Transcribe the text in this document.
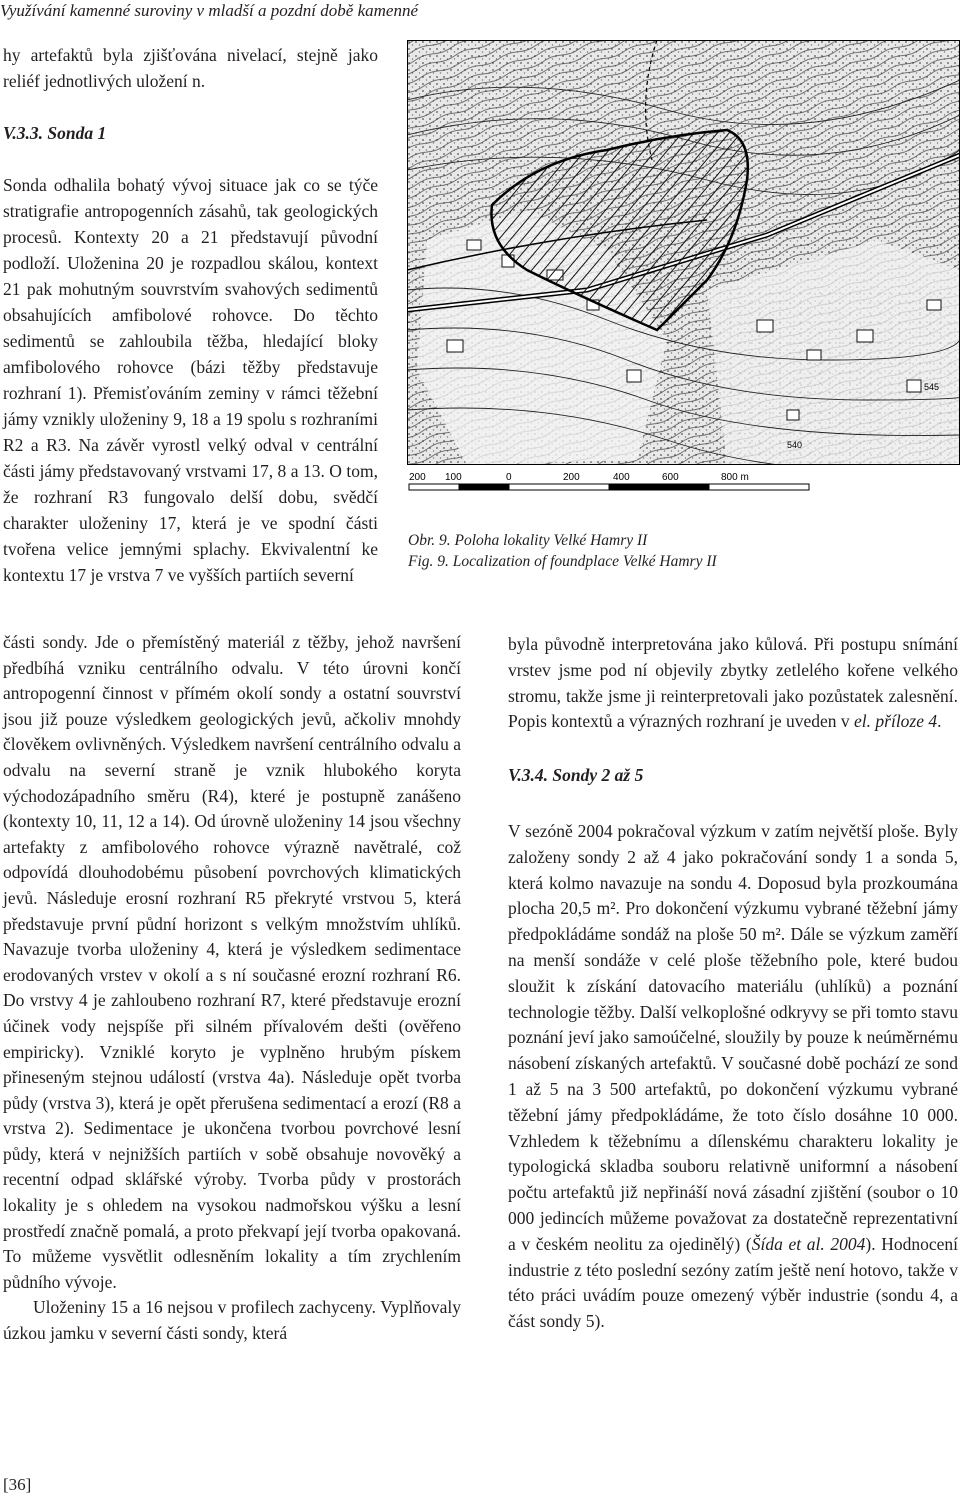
Využívání kamenné suroviny v mladší a pozdní době kamenné

hy artefaktů byla zjišťována nivelací, stejně jako reliéf jednotlivých uložení n.

V.3.3. Sonda 1

Sonda odhalila bohatý vývoj situace jak co se týče stratigrafie antropogenních zásahů, tak geologických procesů. Kontexty 20 a 21 představují původní podloží. Uloženina 20 je rozpadlou skálou, kontext 21 pak mohutným souvrstvím svahových sedimentů obsahujících amfibolové rohovce. Do těchto sedimentů se zahloubila těžba, hledající bloky amfibolového rohovce (bázi těžby představuje rozhraní 1). Přemisťováním zeminy v rámci těžební jámy vznikly uloženiny 9, 18 a 19 spolu s rozhraními R2 a R3. Na závěr vyrostl velký odval v centrální části jámy představovaný vrstvami 17, 8 a 13. O tom, že rozhraní R3 fungovalo delší dobu, svědčí charakter uloženiny 17, která je ve spodní části tvořena velice jemnými splachy. Ekvivalentní ke kontextu 17 je vrstva 7 ve vyšších partiích severní

545
540
200 100	0	200	400	600	800 m
Obr. 9. Poloha lokality Velké Hamry II
Fig. 9. Localization of foundplace Velké Hamry II

části sondy. Jde o přemístěný materiál z těžby, jehož navršení předbíhá vzniku centrálního odvalu. V této úrovni končí antropogenní činnost v přímém okolí sondy a ostatní souvrství jsou již pouze výsledkem geologických jevů, ačkoliv mnohdy člověkem ovlivněných. Výsledkem navršení centrálního odvalu a odvalu na severní straně je vznik hlubokého koryta východozápadního směru (R4), které je postupně zanášeno (kontexty 10, 11, 12 a 14). Od úrovně uloženiny 14 jsou všechny artefakty z amfibolového rohovce výrazně navětralé, což odpovídá dlouhodobému působení povrchových klimatických jevů. Následuje erosní rozhraní R5 překryté vrstvou 5, která představuje první půdní horizont s velkým množstvím uhlíků. Navazuje tvorba uloženiny 4, která je výsledkem sedimentace erodovaných vrstev v okolí a s ní současné erozní rozhraní R6. Do vrstvy 4 je zahloubeno rozhraní R7, které představuje erozní účinek vody nejspíše při silném přívalovém dešti (ověřeno empiricky). Vzniklé koryto je vyplněno hrubým pískem přineseným stejnou událostí (vrstva 4a). Následuje opět tvorba půdy (vrstva 3), která je opět přerušena sedimentací a erozí (R8 a vrstva 2). Sedimentace je ukončena tvorbou povrchové lesní půdy, která v nejnižších partiích v sobě obsahuje novověký a recentní odpad sklářské výroby. Tvorba půdy v prostorách lokality je s ohledem na vysokou nadmořskou výšku a lesní prostředí značně pomalá, a proto překvapí její tvorba opakovaná. To můžeme vysvětlit odlesněním lokality a tím zrychlením půdního vývoje.

Uloženiny 15 a 16 nejsou v profilech zachyceny. Vyplňovaly úzkou jamku v severní části sondy, která

byla původně interpretována jako kůlová. Při postupu snímání vrstev jsme pod ní objevily zbytky zetlelého kořene velkého stromu, takže jsme ji reinterpretovali jako pozůstatek zalesnění. Popis kontextů a výrazných rozhraní je uveden v el. příloze 4.

V.3.4. Sondy 2 až 5

V sezóně 2004 pokračoval výzkum v zatím největší ploše. Byly založeny sondy 2 až 4 jako pokračování sondy 1 a sonda 5, která kolmo navazuje na sondu 4. Doposud byla prozkoumána plocha 20,5 m². Pro dokončení výzkumu vybrané těžební jámy předpokládáme sondáž na ploše 50 m². Dále se výzkum zaměří na menší sondáže v celé ploše těžebního pole, které budou sloužit k získání datovacího materiálu (uhlíků) a poznání technologie těžby. Další velkoplošné odkryvy se při tomto stavu poznání jeví jako samoúčelné, sloužily by pouze k neúměrnému násobení získaných artefaktů. V současné době pochází ze sond 1 až 5 na 3 500 artefaktů, po dokončení výzkumu vybrané těžební jámy předpokládáme, že toto číslo dosáhne 10 000. Vzhledem k těžebnímu a dílenskému charakteru lokality je typologická skladba souboru relativně uniformní a násobení počtu artefaktů již nepřináší nová zásadní zjištění (soubor o 10 000 jedincích můžeme považovat za dostatečně reprezentativní a v českém neolitu za ojedinělý) (Šída et al. 2004). Hodnocení industrie z této poslední sezóny zatím ještě není hotovo, takže v této práci uvádím pouze omezený výběr industrie (sondu 4, a část sondy 5).

[36]
